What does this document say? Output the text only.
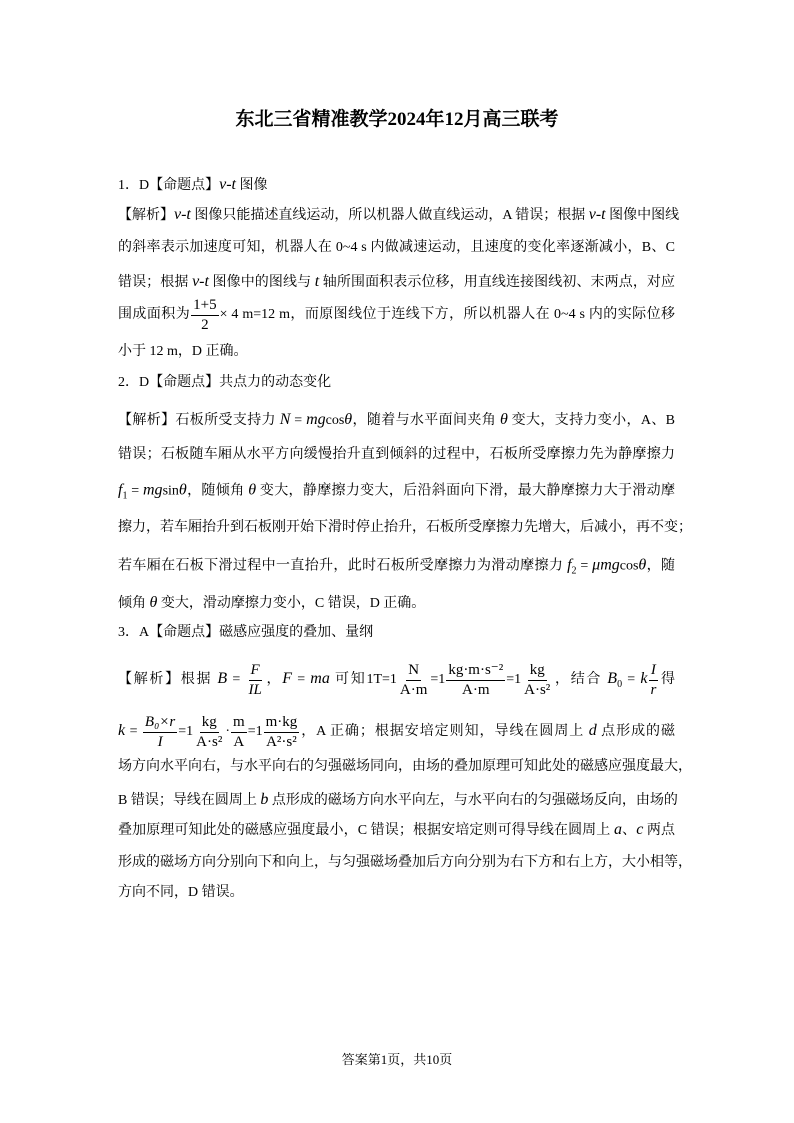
东北三省精准教学2024年12月高三联考
1．D【命题点】v-t 图像
【解析】v-t 图像只能描述直线运动，所以机器人做直线运动，A 错误；根据 v-t 图像中图线
的斜率表示加速度可知，机器人在 0~4 s 内做减速运动，且速度的变化率逐渐减小，B、C
错误；根据 v-t 图像中的图线与 t 轴所围面积表示位移，用直线连接图线初、末两点，对应
围成面积为 $\frac{1+5}{2} \times 4$ m=12 m，而原图线位于连线下方，所以机器人在 0~4 s 内的实际位移
小于 12 m，D 正确。
2．D【命题点】共点力的动态变化
【解析】石板所受支持力 N = mgcosθ，随着与水平面间夹角 θ 变大，支持力变小，A、B
错误；石板随车厢从水平方向缓慢抬升直到倾斜的过程中，石板所受摩擦力先为静摩擦力
$f_1 = mgsin\theta$，随倾角 θ 变大，静摩擦力变大，后沿斜面向下滑，最大静摩擦力大于滑动摩
擦力，若车厢抬升到石板刚开始下滑时停止抬升，石板所受摩擦力先增大，后减小，再不变；
若车厢在石板下滑过程中一直抬升，此时石板所受摩擦力为滑动摩擦力 $f_2 = \mu mgcos\theta$，随
倾角 θ 变大，滑动摩擦力变小，C 错误，D 正确。
3．A【命题点】磁感应强度的叠加、量纲
【解析】根据 $B = \frac{F}{IL}$ ，F = ma 可知$1T=1 \frac{N}{A\cdot m} =1 \frac{\text{kg·m·s⁻²}}{A\cdot m} =1 \frac{kg}{\text{A·s²}}$ ，结合 $B_0 = k \frac{I}{r}$ 得
$k = \frac{\text{B₀×r}}{I} =1 \frac{kg}{\text{A·s²}} \cdot \frac{m}{A} =1 \frac{m\cdot kg}{\text{A²·s²}}$ ，A 正确；根据安培定则知，导线在圆周上 d 点形成的磁
场方向水平向右，与水平向右的匀强磁场同向，由场的叠加原理可知此处的磁感应强度最大，
B 错误；导线在圆周上 b 点形成的磁场方向水平向左，与水平向右的匀强磁场反向，由场的
叠加原理可知此处的磁感应强度最小，C 错误；根据安培定则可得导线在圆周上 a、c 两点
形成的磁场方向分别向下和向上，与匀强磁场叠加后方向分别为右下方和右上方，大小相等，
方向不同，D 错误。
答案第1页，共10页
